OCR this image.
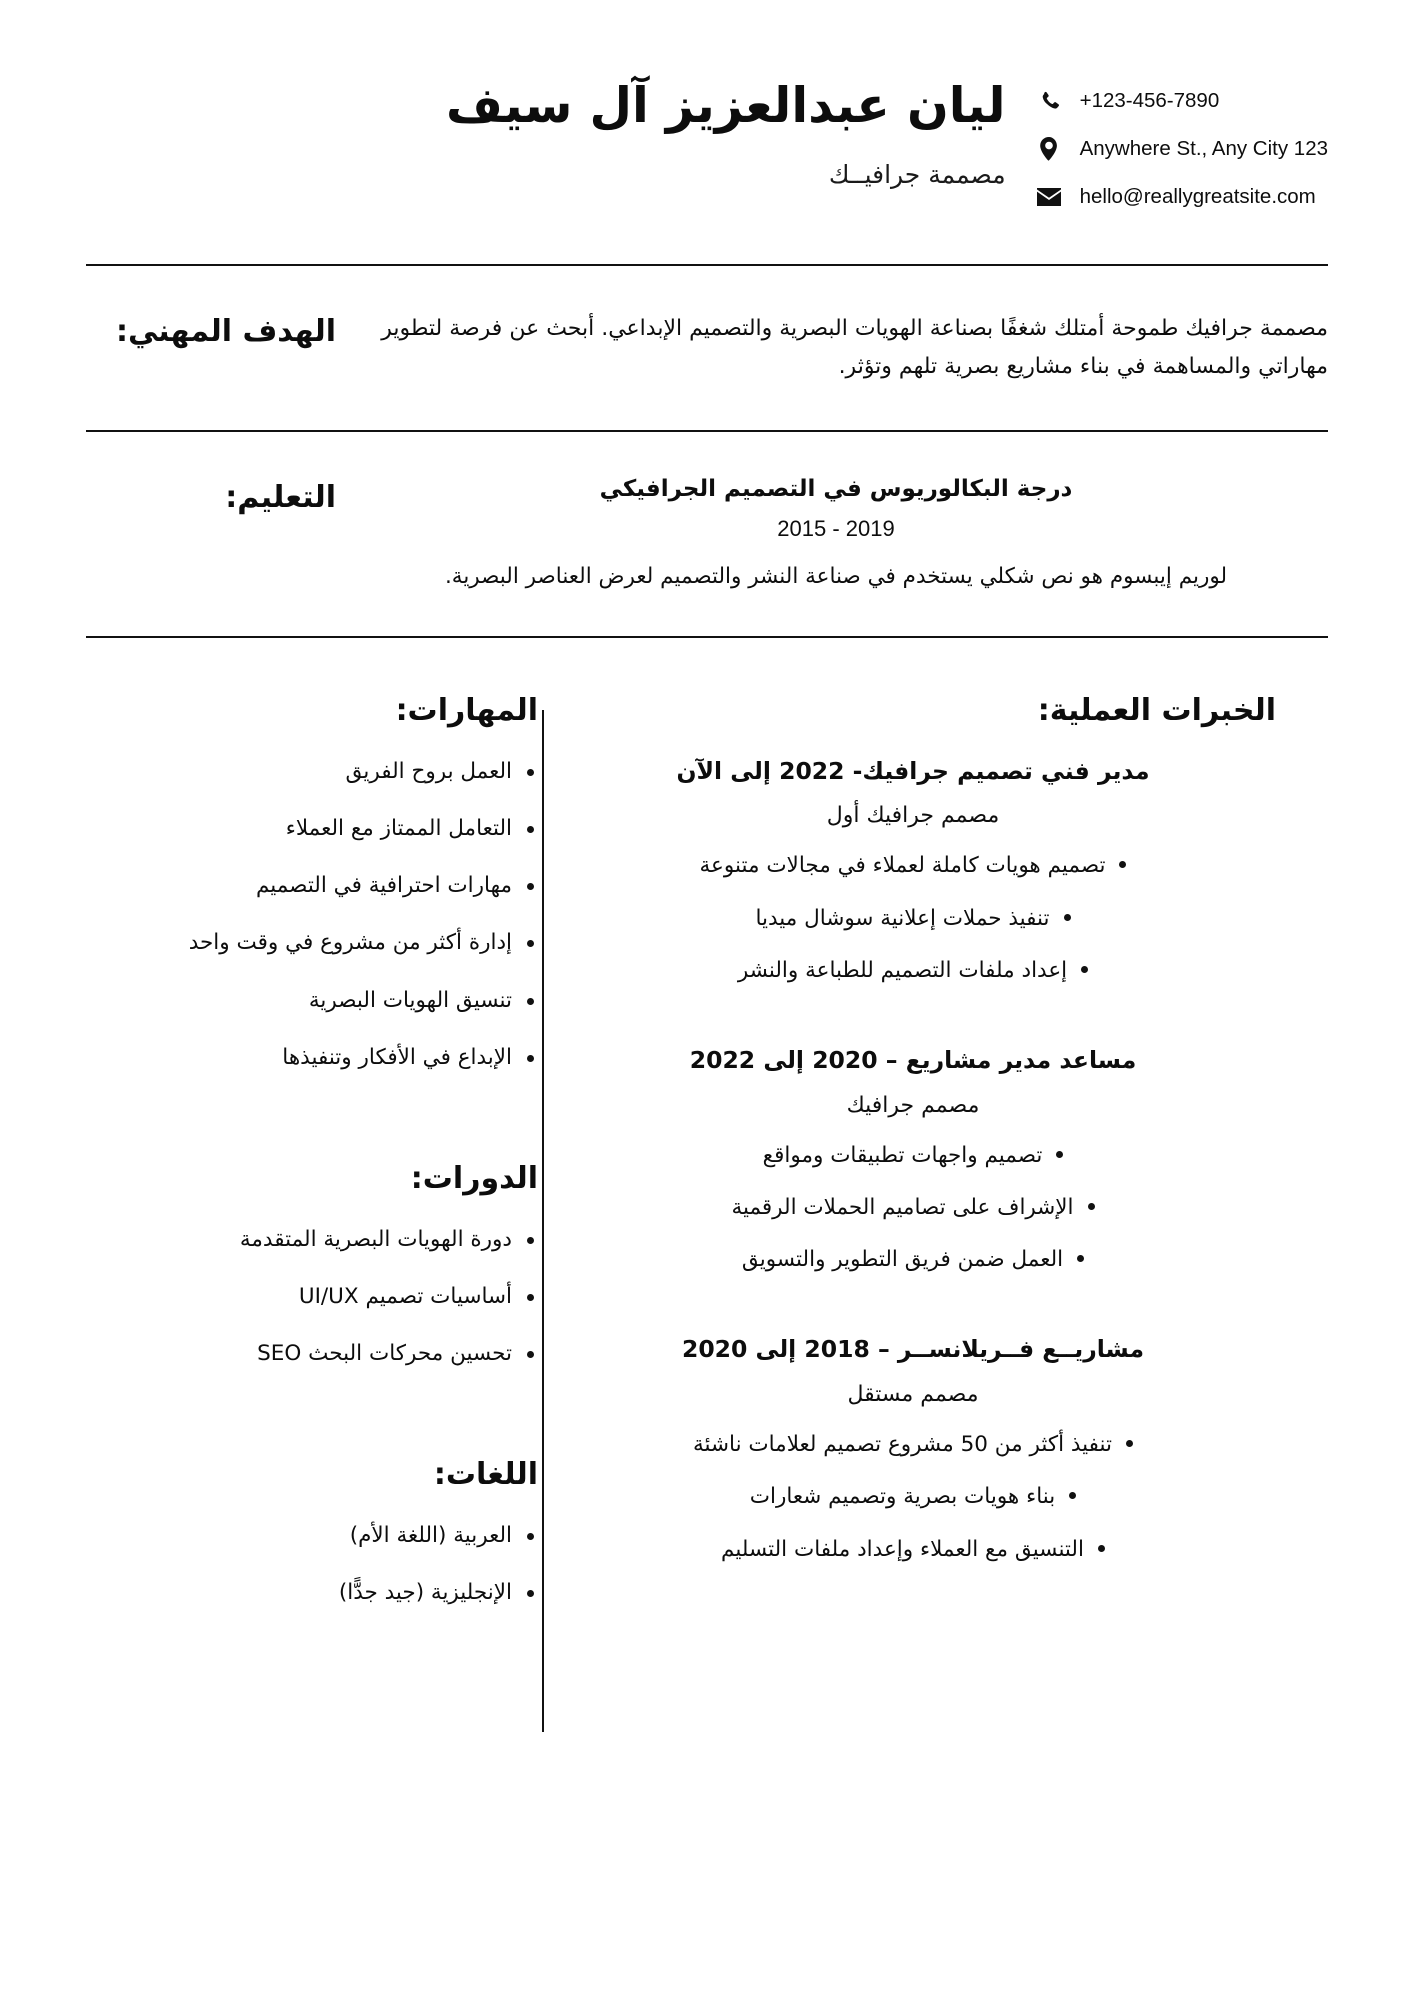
ليان عبدالعزيز آل سيف
مصممة جرافيــك
+123-456-7890
Anywhere St., Any City 123
hello@reallygreatsite.com
الهدف المهني:	مصممة جرافيك طموحة أمتلك شغفًا بصناعة الهويات البصرية والتصميم الإبداعي. أبحث عن فرصة لتطوير مهاراتي والمساهمة في بناء مشاريع بصرية تلهم وتؤثر.

التعليم:	درجة البكالوريوس في التصميم الجرافيكي

2015 - 2019

لوريم إيبسوم هو نص شكلي يستخدم في صناعة النشر والتصميم لعرض العناصر البصرية.

المهارات:
العمل بروح الفريق
التعامل الممتاز مع العملاء
مهارات احترافية في التصميم
إدارة أكثر من مشروع في وقت واحد
تنسيق الهويات البصرية
الإبداع في الأفكار وتنفيذها
الدورات:
دورة الهويات البصرية المتقدمة
أساسيات تصميم UI/UX
تحسين محركات البحث SEO
اللغات:
العربية (اللغة الأم)
الإنجليزية (جيد جدًّا)
الخبرات العملية:
مدير فني تصميم جرافيك- 2022 إلى الآن
مصمم جرافيك أول
تصميم هويات كاملة لعملاء في مجالات متنوعة
تنفيذ حملات إعلانية سوشال ميديا
إعداد ملفات التصميم للطباعة والنشر
مساعد مدير مشاريع – 2020 إلى 2022
مصمم جرافيك
تصميم واجهات تطبيقات ومواقع
الإشراف على تصاميم الحملات الرقمية
العمل ضمن فريق التطوير والتسويق
مشاريــع فــريلانســر – 2018 إلى 2020
مصمم مستقل
تنفيذ أكثر من 50 مشروع تصميم لعلامات ناشئة
بناء هويات بصرية وتصميم شعارات
التنسيق مع العملاء وإعداد ملفات التسليم
